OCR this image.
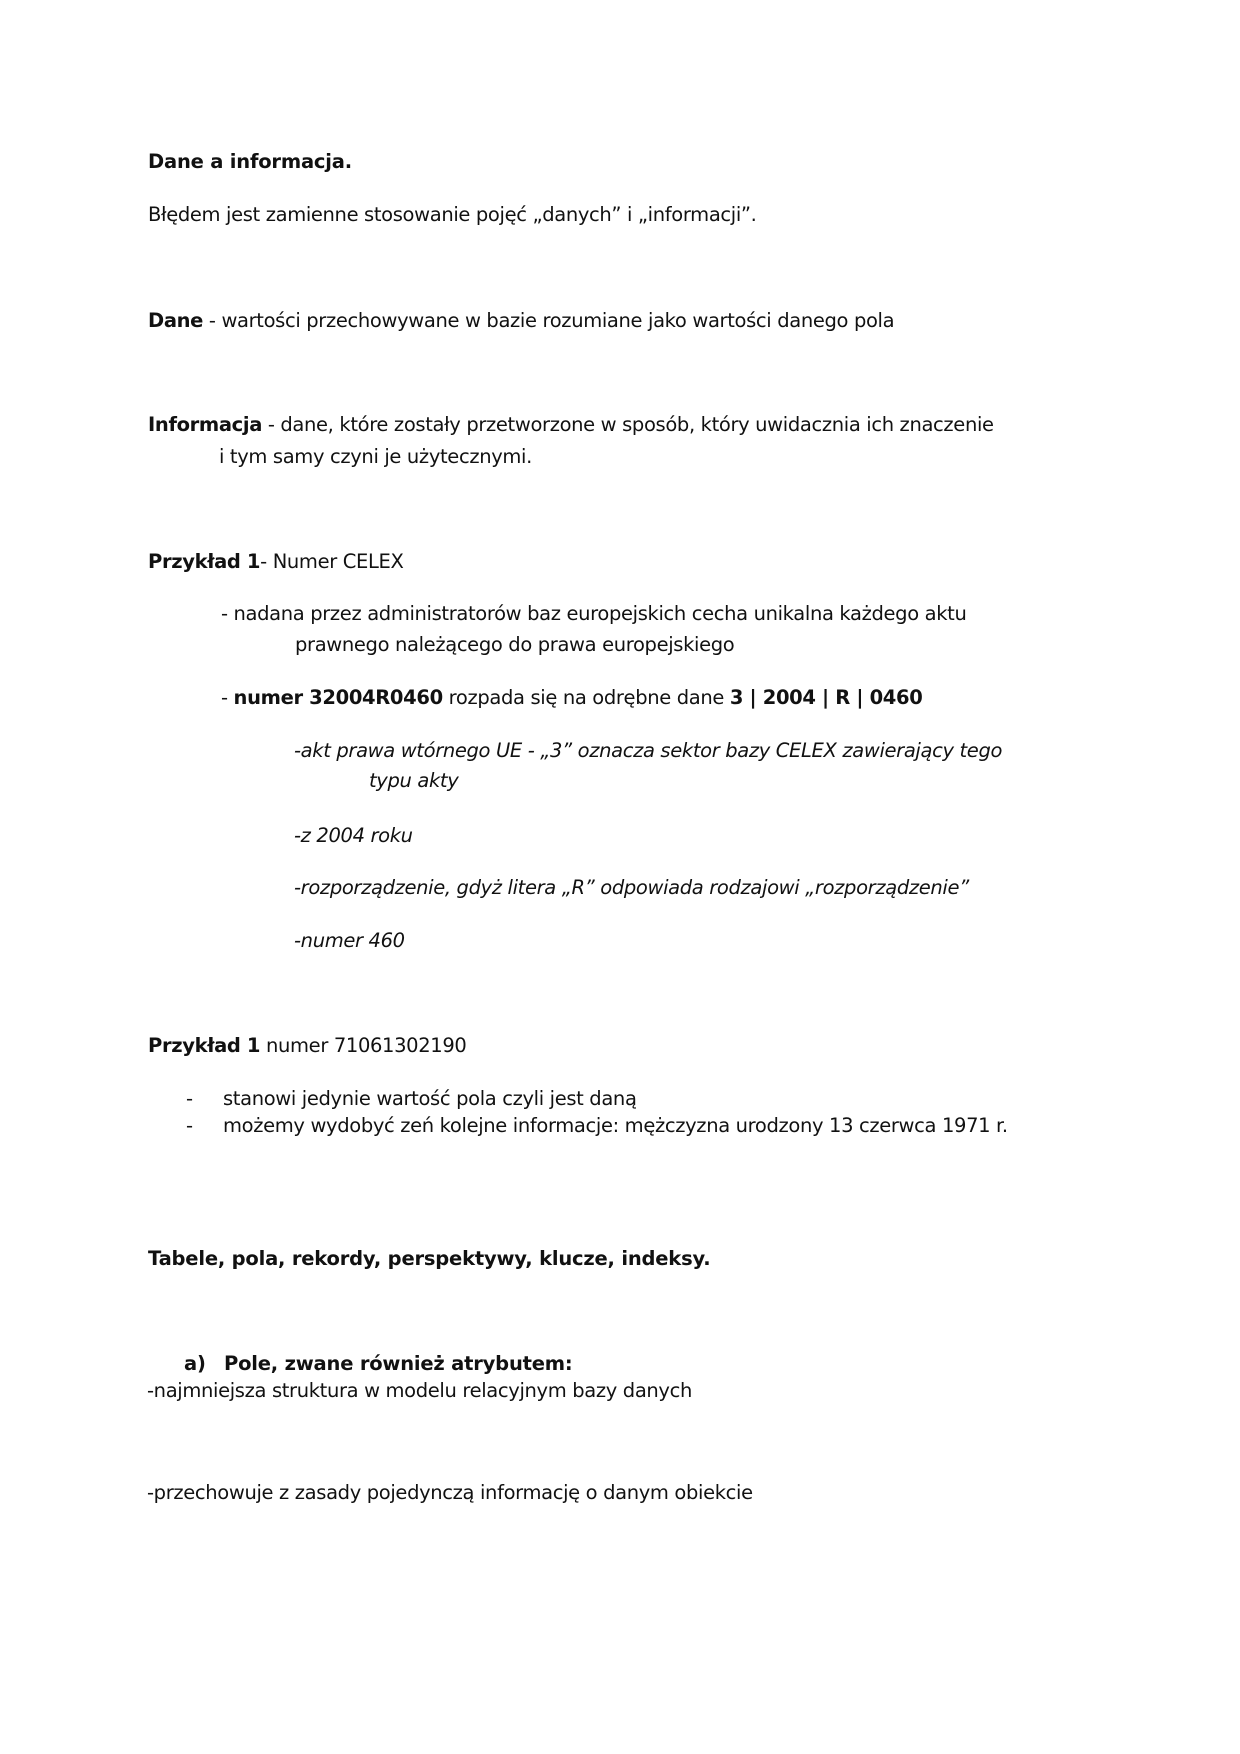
Dane a informacja.
Błędem jest zamienne stosowanie pojęć „danych” i „informacji”.
Dane - wartości przechowywane w bazie rozumiane jako wartości danego pola
Informacja - dane, które zostały przetworzone w sposób, który uwidacznia ich znaczenie
i tym samy czyni je użytecznymi.
Przykład 1- Numer CELEX
- nadana przez administratorów baz europejskich cecha unikalna każdego aktu
prawnego należącego do prawa europejskiego
- numer 32004R0460 rozpada się na odrębne dane 3 | 2004 | R | 0460
-akt prawa wtórnego UE - „3” oznacza sektor bazy CELEX zawierający tego
typu akty
-z 2004 roku
-rozporządzenie, gdyż litera „R” odpowiada rodzajowi „rozporządzenie”
-numer 460
Przykład 1 numer 71061302190
- stanowi jedynie wartość pola czyli jest daną
- możemy wydobyć zeń kolejne informacje: mężczyzna urodzony 13 czerwca 1971 r.
Tabele, pola, rekordy, perspektywy, klucze, indeksy.
a) Pole, zwane również atrybutem:
-najmniejsza struktura w modelu relacyjnym bazy danych
-przechowuje z zasady pojedynczą informację o danym obiekcie
